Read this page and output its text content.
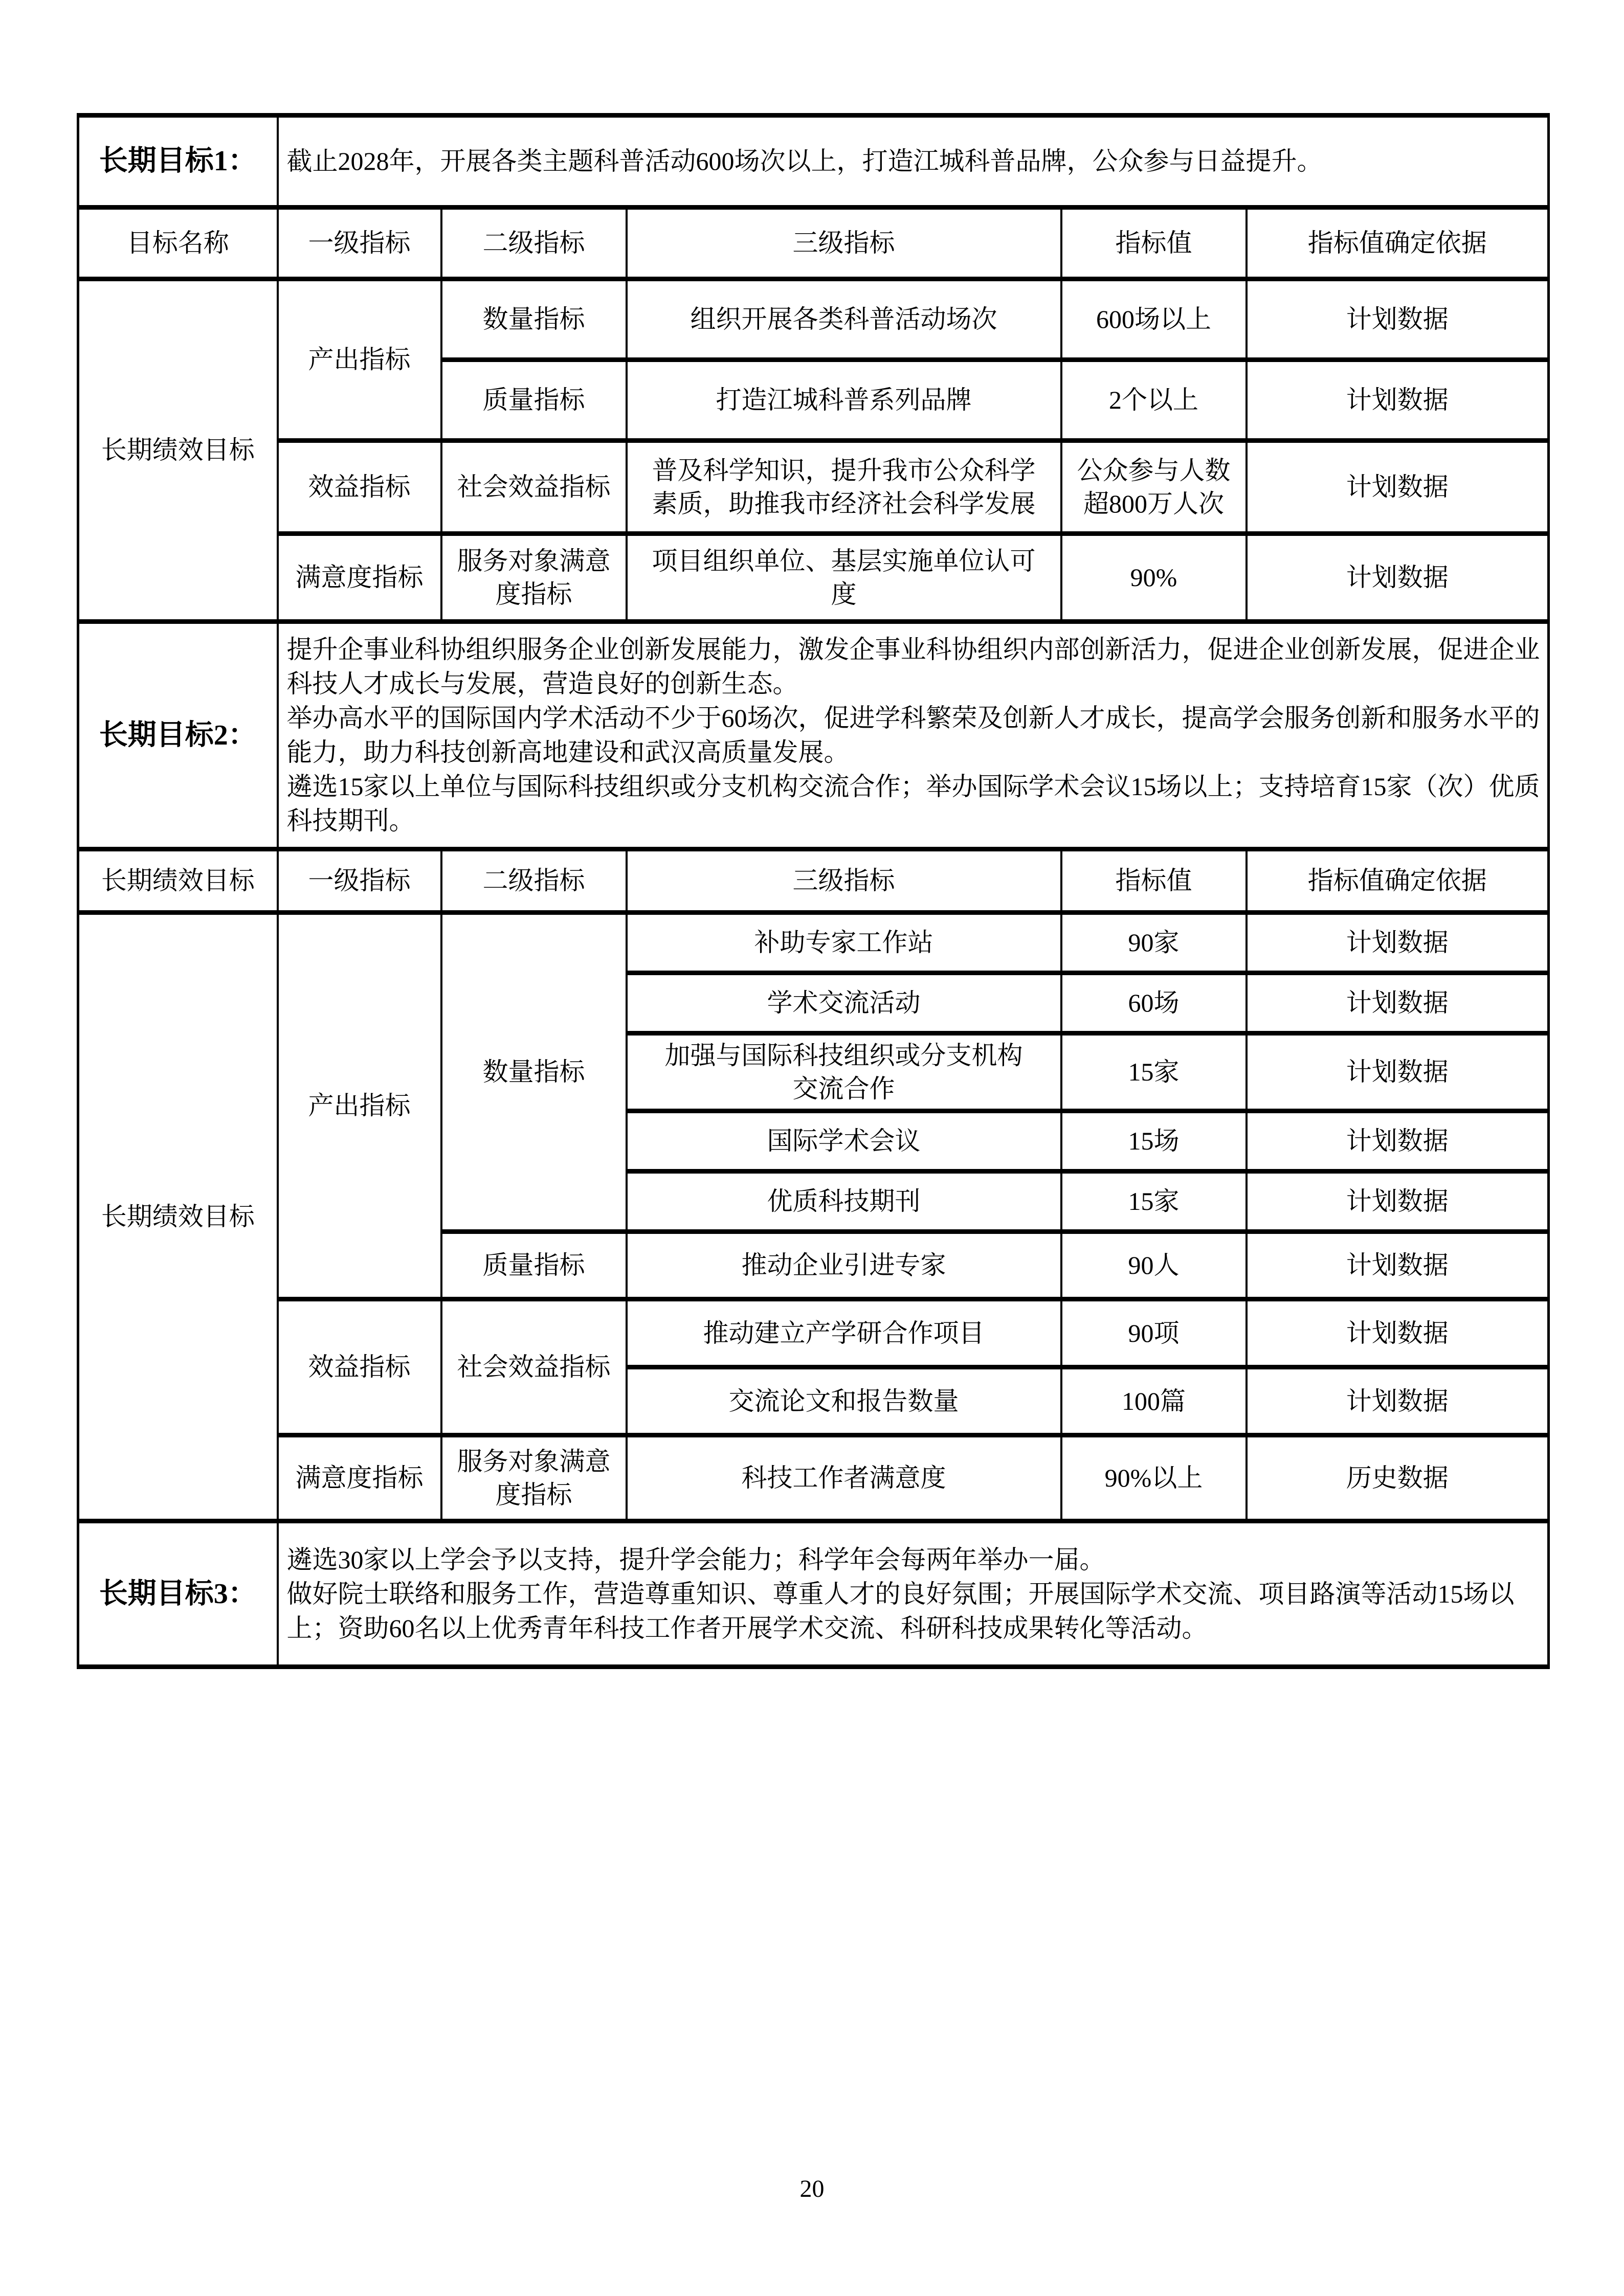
长期目标1：	截止2028年，开展各类主题科普活动600场次以上，打造江城科普品牌，公众参与日益提升。				

目标名称	一级指标	二级指标	三级指标	指标值	指标值确定依据
长期绩效目标	产出指标	数量指标	组织开展各类科普活动场次	600场以上	计划数据
		质量指标	打造江城科普系列品牌	2个以上	计划数据
	效益指标	社会效益指标	普及科学知识，提升我市公众科学素质，助推我市经济社会科学发展	公众参与人数超800万人次	计划数据
	满意度指标	服务对象满意度指标	项目组织单位、基层实施单位认可度	90%	计划数据
长期目标2：	提升企事业科协组织服务企业创新发展能力，激发企事业科协组织内部创新活力，促进企业创新发展，促进企业科技人才成长与发展，营造良好的创新生态。
举办高水平的国际国内学术活动不少于60场次，促进学科繁荣及创新人才成长，提高学会服务创新和服务水平的能力，助力科技创新高地建设和武汉高质量发展。
遴选15家以上单位与国际科技组织或分支机构交流合作；举办国际学术会议15场以上；支持培育15家（次）优质科技期刊。				

长期绩效目标	一级指标	二级指标	三级指标	指标值	指标值确定依据
长期绩效目标	产出指标	数量指标	补助专家工作站	90家	计划数据

			学术交流活动	60场	计划数据

			加强与国际科技组织或分支机构交流合作	15家	计划数据

			国际学术会议	15场	计划数据

			优质科技期刊	15家	计划数据
		质量指标	推动企业引进专家	90人	计划数据
	效益指标	社会效益指标	推动建立产学研合作项目	90项	计划数据

			交流论文和报告数量	100篇	计划数据
	满意度指标	服务对象满意度指标	科技工作者满意度	90%以上	历史数据
长期目标3：	遴选30家以上学会予以支持，提升学会能力；科学年会每两年举办一届。
做好院士联络和服务工作，营造尊重知识、尊重人才的良好氛围；开展国际学术交流、项目路演等活动15场以上；资助60名以上优秀青年科技工作者开展学术交流、科研科技成果转化等活动。				
20
